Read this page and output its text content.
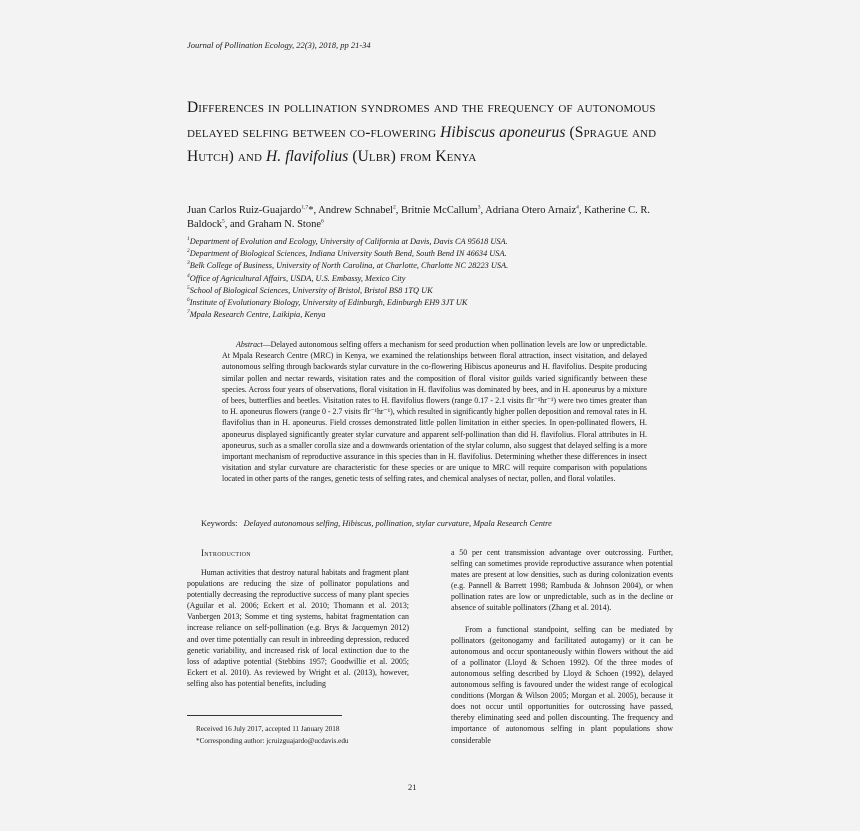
Journal of Pollination Ecology, 22(3), 2018, pp 21-34
Differences in pollination syndromes and the frequency of autonomous delayed selfing between co-flowering Hibiscus aponeurus (Sprague and Hutch) and H. flavifolius (Ulbr) from Kenya
Juan Carlos Ruiz-Guajardo$^{1,7}$*, Andrew Schnabel$^2$, Britnie McCallum$^3$, Adriana Otero Arnaiz$^4$, Katherine C. R. Baldock$^5$, and Graham N. Stone$^6$
$^1$Department of Evolution and Ecology, University of California at Davis, Davis CA 95618 USA.
$^2$Department of Biological Sciences, Indiana University South Bend, South Bend IN 46634 USA.
$^3$Belk College of Business, University of North Carolina, at Charlotte, Charlotte NC 28223 USA.
$^4$Office of Agricultural Affairs, USDA, U.S. Embassy, Mexico City
$^5$School of Biological Sciences, University of Bristol, Bristol BS8 1TQ UK
$^6$Institute of Evolutionary Biology, University of Edinburgh, Edinburgh EH9 3JT UK
$^7$Mpala Research Centre, Laikipia, Kenya

Abstract—Delayed autonomous selfing offers a mechanism for seed production when pollination levels are low or unpredictable. At Mpala Research Centre (MRC) in Kenya, we examined the relationships between floral attraction, insect visitation, and delayed autonomous selfing through backwards stylar curvature in the co-flowering Hibiscus aponeurus and H. flavifolius. Despite producing similar pollen and nectar rewards, visitation rates and the composition of floral visitor guilds varied significantly between these species. Across four years of observations, floral visitation in H. flavifolius was dominated by bees, and in H. aponeurus by a mixture of bees, butterflies and beetles. Visitation rates to H. flavifolius flowers (range 0.17 - 2.1 visits flr⁻¹hr⁻¹) were two times greater than to H. aponeurus flowers (range 0 - 2.7 visits flr⁻¹hr⁻¹), which resulted in significantly higher pollen deposition and removal rates in H. flavifolius than in H. aponeurus. Field crosses demonstrated little pollen limitation in either species. In open-pollinated flowers, H. aponeurus displayed significantly greater stylar curvature and apparent self-pollination than did H. flavifolius. Floral attributes in H. aponeurus, such as a smaller corolla size and a downwards orientation of the stylar column, also suggest that delayed selfing is a more important mechanism of reproductive assurance in this species than in H. flavifolius. Determining whether these differences in insect visitation and stylar curvature are characteristic for these species or are unique to MRC will require comparison with populations located in other parts of the ranges, genetic tests of selfing rates, and chemical analyses of nectar, pollen, and floral volatiles.

Keywords: Delayed autonomous selfing, Hibiscus, pollination, stylar curvature, Mpala Research Centre
Introduction

Human activities that destroy natural habitats and fragment plant populations are reducing the size of pollinator populations and potentially decreasing the reproductive success of many plant species (Aguilar et al. 2006; Eckert et al. 2010; Thomann et al. 2013; Vanbergen 2013; Somme et ting systems, habitat fragmentation can increase reliance on self-pollination (e.g. Brys & Jacquemyn 2012) and over time potentially can result in inbreeding depression, reduced genetic variability, and increased risk of local extinction due to the loss of adaptive potential (Stebbins 1957; Goodwillie et al. 2005; Eckert et al. 2010). As reviewed by Wright et al. (2013), however, selfing also has potential benefits, including

a 50 per cent transmission advantage over outcrossing. Further, selfing can sometimes provide reproductive assurance when potential mates are present at low densities, such as during colonization events (e.g. Pannell & Barrett 1998; Rambuda & Johnson 2004), or when pollination rates are low or unpredictable, such as in the decline or absence of suitable pollinators (Zhang et al. 2014).

From a functional standpoint, selfing can be mediated by pollinators (geitonogamy and facilitated autogamy) or it can be autonomous and occur spontaneously within flowers without the aid of a pollinator (Lloyd & Schoen 1992). Of the three modes of autonomous selfing described by Lloyd & Schoen (1992), delayed autonomous selfing is favoured under the widest range of ecological conditions (Morgan & Wilson 2005; Morgan et al. 2005), because it does not occur until opportunities for outcrossing have passed, thereby eliminating seed and pollen discounting. The frequency and importance of autonomous selfing in plant populations show considerable

Received 16 July 2017, accepted 11 January 2018
*Corresponding author: jcruizguajardo@ucdavis.edu
21
